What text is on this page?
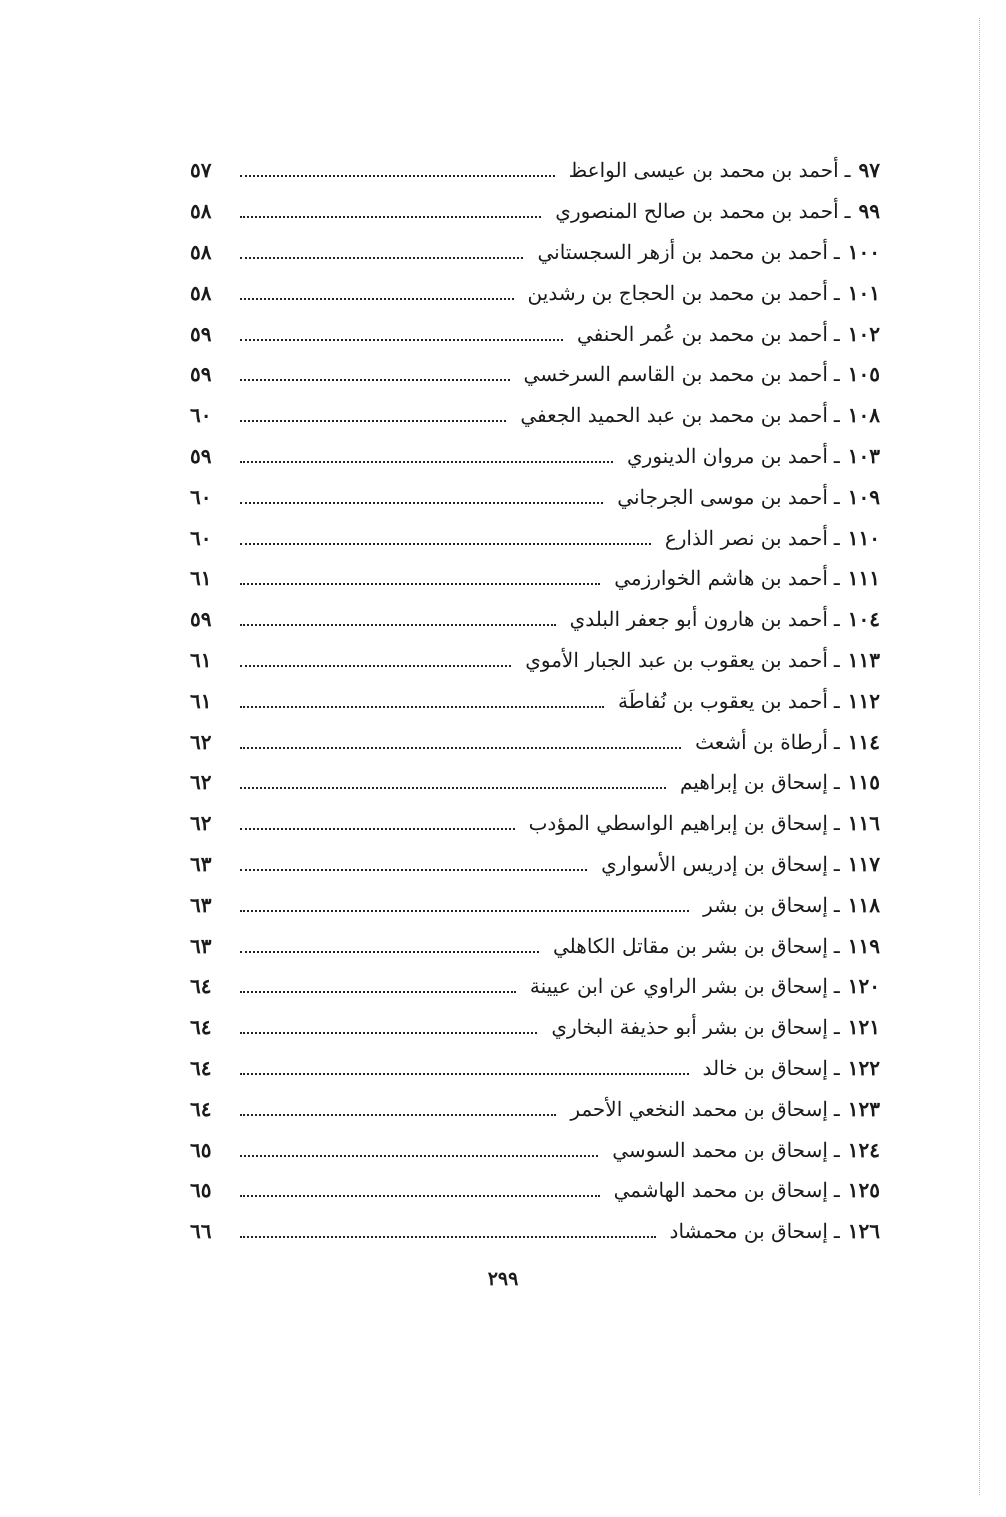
٩٧
ـ
أحمد بن محمد بن عيسى الواعظ
٥٧
٩٩
ـ
أحمد بن محمد بن صالح المنصوري
٥٨
١٠٠
ـ
أحمد بن محمد بن أزهر السجستاني
٥٨
١٠١
ـ
أحمد بن محمد بن الحجاج بن رشدين
٥٨
١٠٢
ـ
أحمد بن محمد بن عُمر الحنفي
٥٩
١٠٥
ـ
أحمد بن محمد بن القاسم السرخسي
٥٩
١٠٨
ـ
أحمد بن محمد بن عبد الحميد الجعفي
٦٠
١٠٣
ـ
أحمد بن مروان الدينوري
٥٩
١٠٩
ـ
أحمد بن موسى الجرجاني
٦٠
١١٠
ـ
أحمد بن نصر الذارع
٦٠
١١١
ـ
أحمد بن هاشم الخوارزمي
٦١
١٠٤
ـ
أحمد بن هارون أبو جعفر البلدي
٥٩
١١٣
ـ
أحمد بن يعقوب بن عبد الجبار الأموي
٦١
١١٢
ـ
أحمد بن يعقوب بن نُفاطَة
٦١
١١٤
ـ
أرطاة بن أشعث
٦٢
١١٥
ـ
إسحاق بن إبراهيم
٦٢
١١٦
ـ
إسحاق بن إبراهيم الواسطي المؤدب
٦٢
١١٧
ـ
إسحاق بن إدريس الأسواري
٦٣
١١٨
ـ
إسحاق بن بشر
٦٣
١١٩
ـ
إسحاق بن بشر بن مقاتل الكاهلي
٦٣
١٢٠
ـ
إسحاق بن بشر الراوي عن ابن عيينة
٦٤
١٢١
ـ
إسحاق بن بشر أبو حذيفة البخاري
٦٤
١٢٢
ـ
إسحاق بن خالد
٦٤
١٢٣
ـ
إسحاق بن محمد النخعي الأحمر
٦٤
١٢٤
ـ
إسحاق بن محمد السوسي
٦٥
١٢٥
ـ
إسحاق بن محمد الهاشمي
٦٥
١٢٦
ـ
إسحاق بن محمشاد
٦٦
٢٩٩
